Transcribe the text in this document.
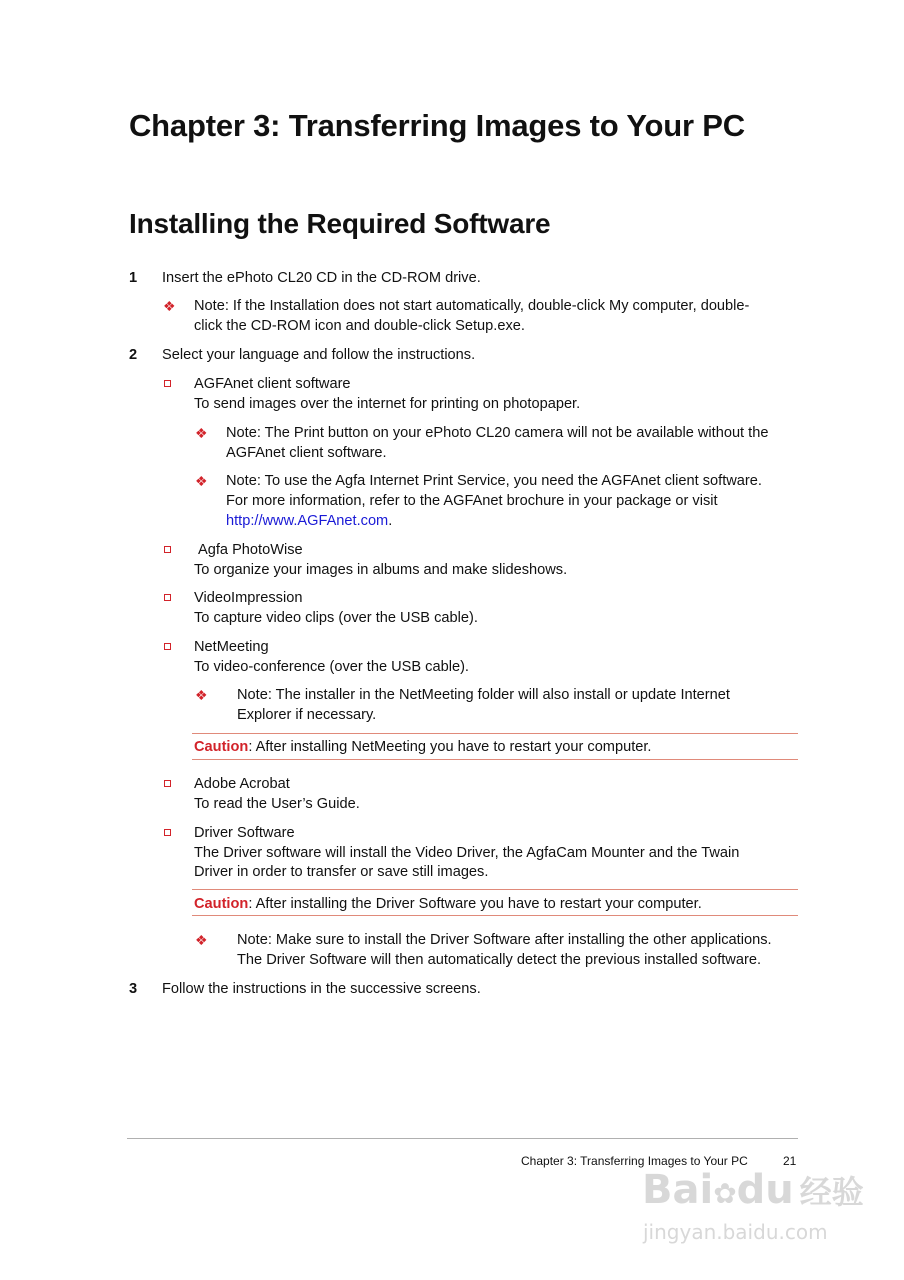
Chapter 3: Transferring Images to Your PC
Installing the Required Software
1 Insert the ePhoto CL20 CD in the CD-ROM drive.
❖ Note: If the Installation does not start automatically, double-click My computer, double-
click the CD-ROM icon and double-click Setup.exe.
2 Select your language and follow the instructions.
AGFAnet client software
To send images over the internet for printing on photopaper.
❖ Note: The Print button on your ePhoto CL20 camera will not be available without the
AGFAnet client software.
❖ Note: To use the Agfa Internet Print Service, you need the AGFAnet client software.
For more information, refer to the AGFAnet brochure in your package or visit
http://www.AGFAnet.com.
Agfa PhotoWise
To organize your images in albums and make slideshows.
VideoImpression
To capture video clips (over the USB cable).
NetMeeting
To video-conference (over the USB cable).
❖ Note: The installer in the NetMeeting folder will also install or update Internet
Explorer if necessary.
Caution: After installing NetMeeting you have to restart your computer.
Adobe Acrobat
To read the User’s Guide.
Driver Software
The Driver software will install the Video Driver, the AgfaCam Mounter and the Twain
Driver in order to transfer or save still images.
Caution: After installing the Driver Software you have to restart your computer.
❖ Note: Make sure to install the Driver Software after installing the other applications.
The Driver Software will then automatically detect the previous installed software.
3 Follow the instructions in the successive screens.
Chapter 3: Transferring Images to Your PC	21
Bai✿du 经验
jingyan.baidu.com
